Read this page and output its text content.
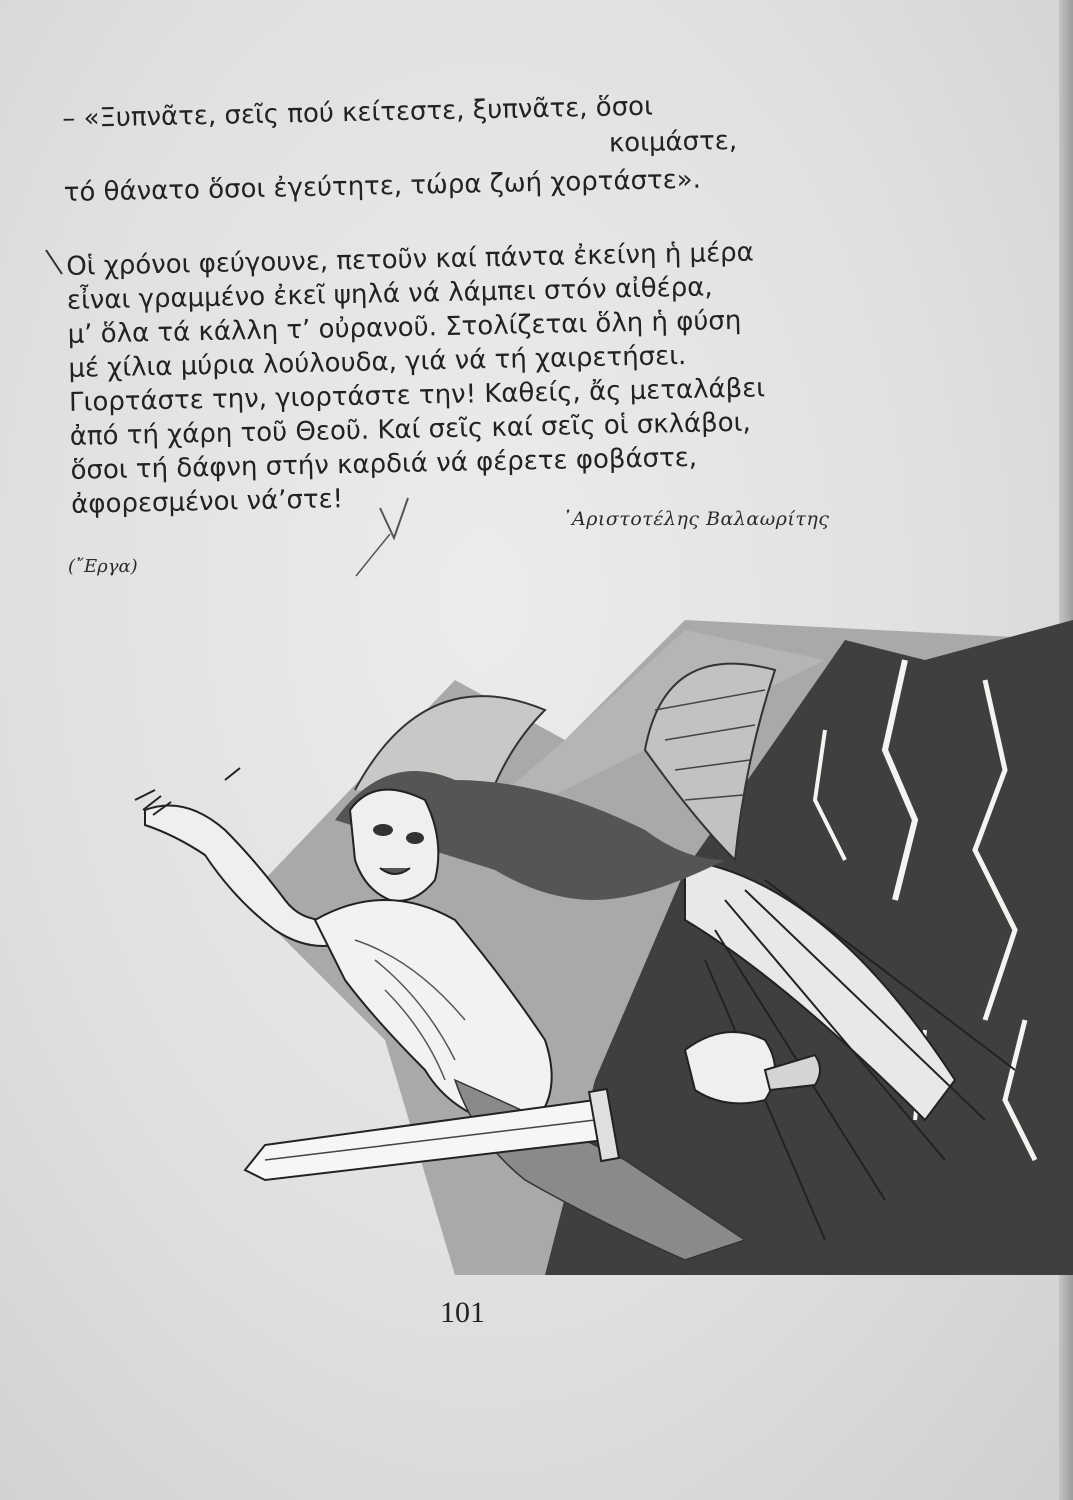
– «Ξυπνᾶτε, σεῖς πού κείτεστε, ξυπνᾶτε, ὅσοι
κοιμάστε,
τό θάνατο ὅσοι ἐγεύτητε, τώρα ζωή χορτάστε».
Οἱ χρόνοι φεύγουνε, πετοῦν καί πάντα ἐκείνη ἡ μέρα
εἶναι γραμμένο ἐκεῖ ψηλά νά λάμπει στόν αἰθέρα,
μ’ ὅλα τά κάλλη τ’ οὐρανοῦ. Στολίζεται ὅλη ἡ φύση
μέ χίλια μύρια λούλουδα, γιά νά τή χαιρετήσει.
Γιορτάστε την, γιορτάστε την! Καθείς, ἄς μεταλάβει
ἀπό τή χάρη τοῦ Θεοῦ. Καί σεῖς καί σεῖς οἱ σκλάβοι,
ὅσοι τή δάφνη στήν καρδιά νά φέρετε φοβάστε,
ἀφορεσμένοι νά’στε!	᾿Αριστοτέλης Βαλαωρίτης
(῎Εργα)
101
